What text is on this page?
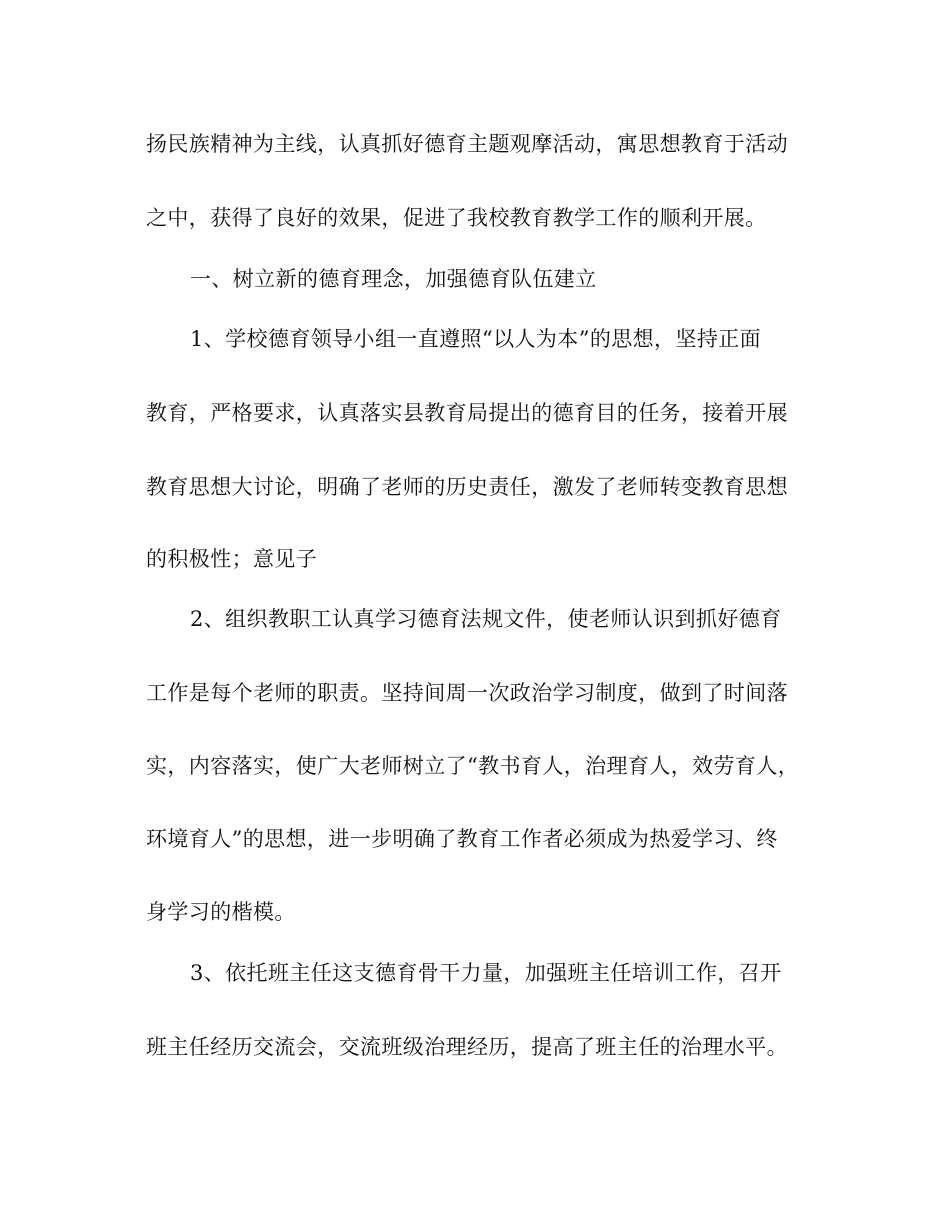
扬民族精神为主线，认真抓好德育主题观摩活动，寓思想教育于活动
之中，获得了良好的效果，促进了我校教育教学工作的顺利开展。
一、树立新的德育理念，加强德育队伍建立
1、学校德育领导小组一直遵照“以人为本”的思想，坚持正面
教育，严格要求，认真落实县教育局提出的德育目的任务，接着开展
教育思想大讨论，明确了老师的历史责任，激发了老师转变教育思想
的积极性；意见子
2、组织教职工认真学习德育法规文件，使老师认识到抓好德育
工作是每个老师的职责。坚持间周一次政治学习制度，做到了时间落
实，内容落实，使广大老师树立了“教书育人，治理育人，效劳育人，
环境育人”的思想，进一步明确了教育工作者必须成为热爱学习、终
身学习的楷模。
3、依托班主任这支德育骨干力量，加强班主任培训工作，召开
班主任经历交流会，交流班级治理经历，提高了班主任的治理水平。
